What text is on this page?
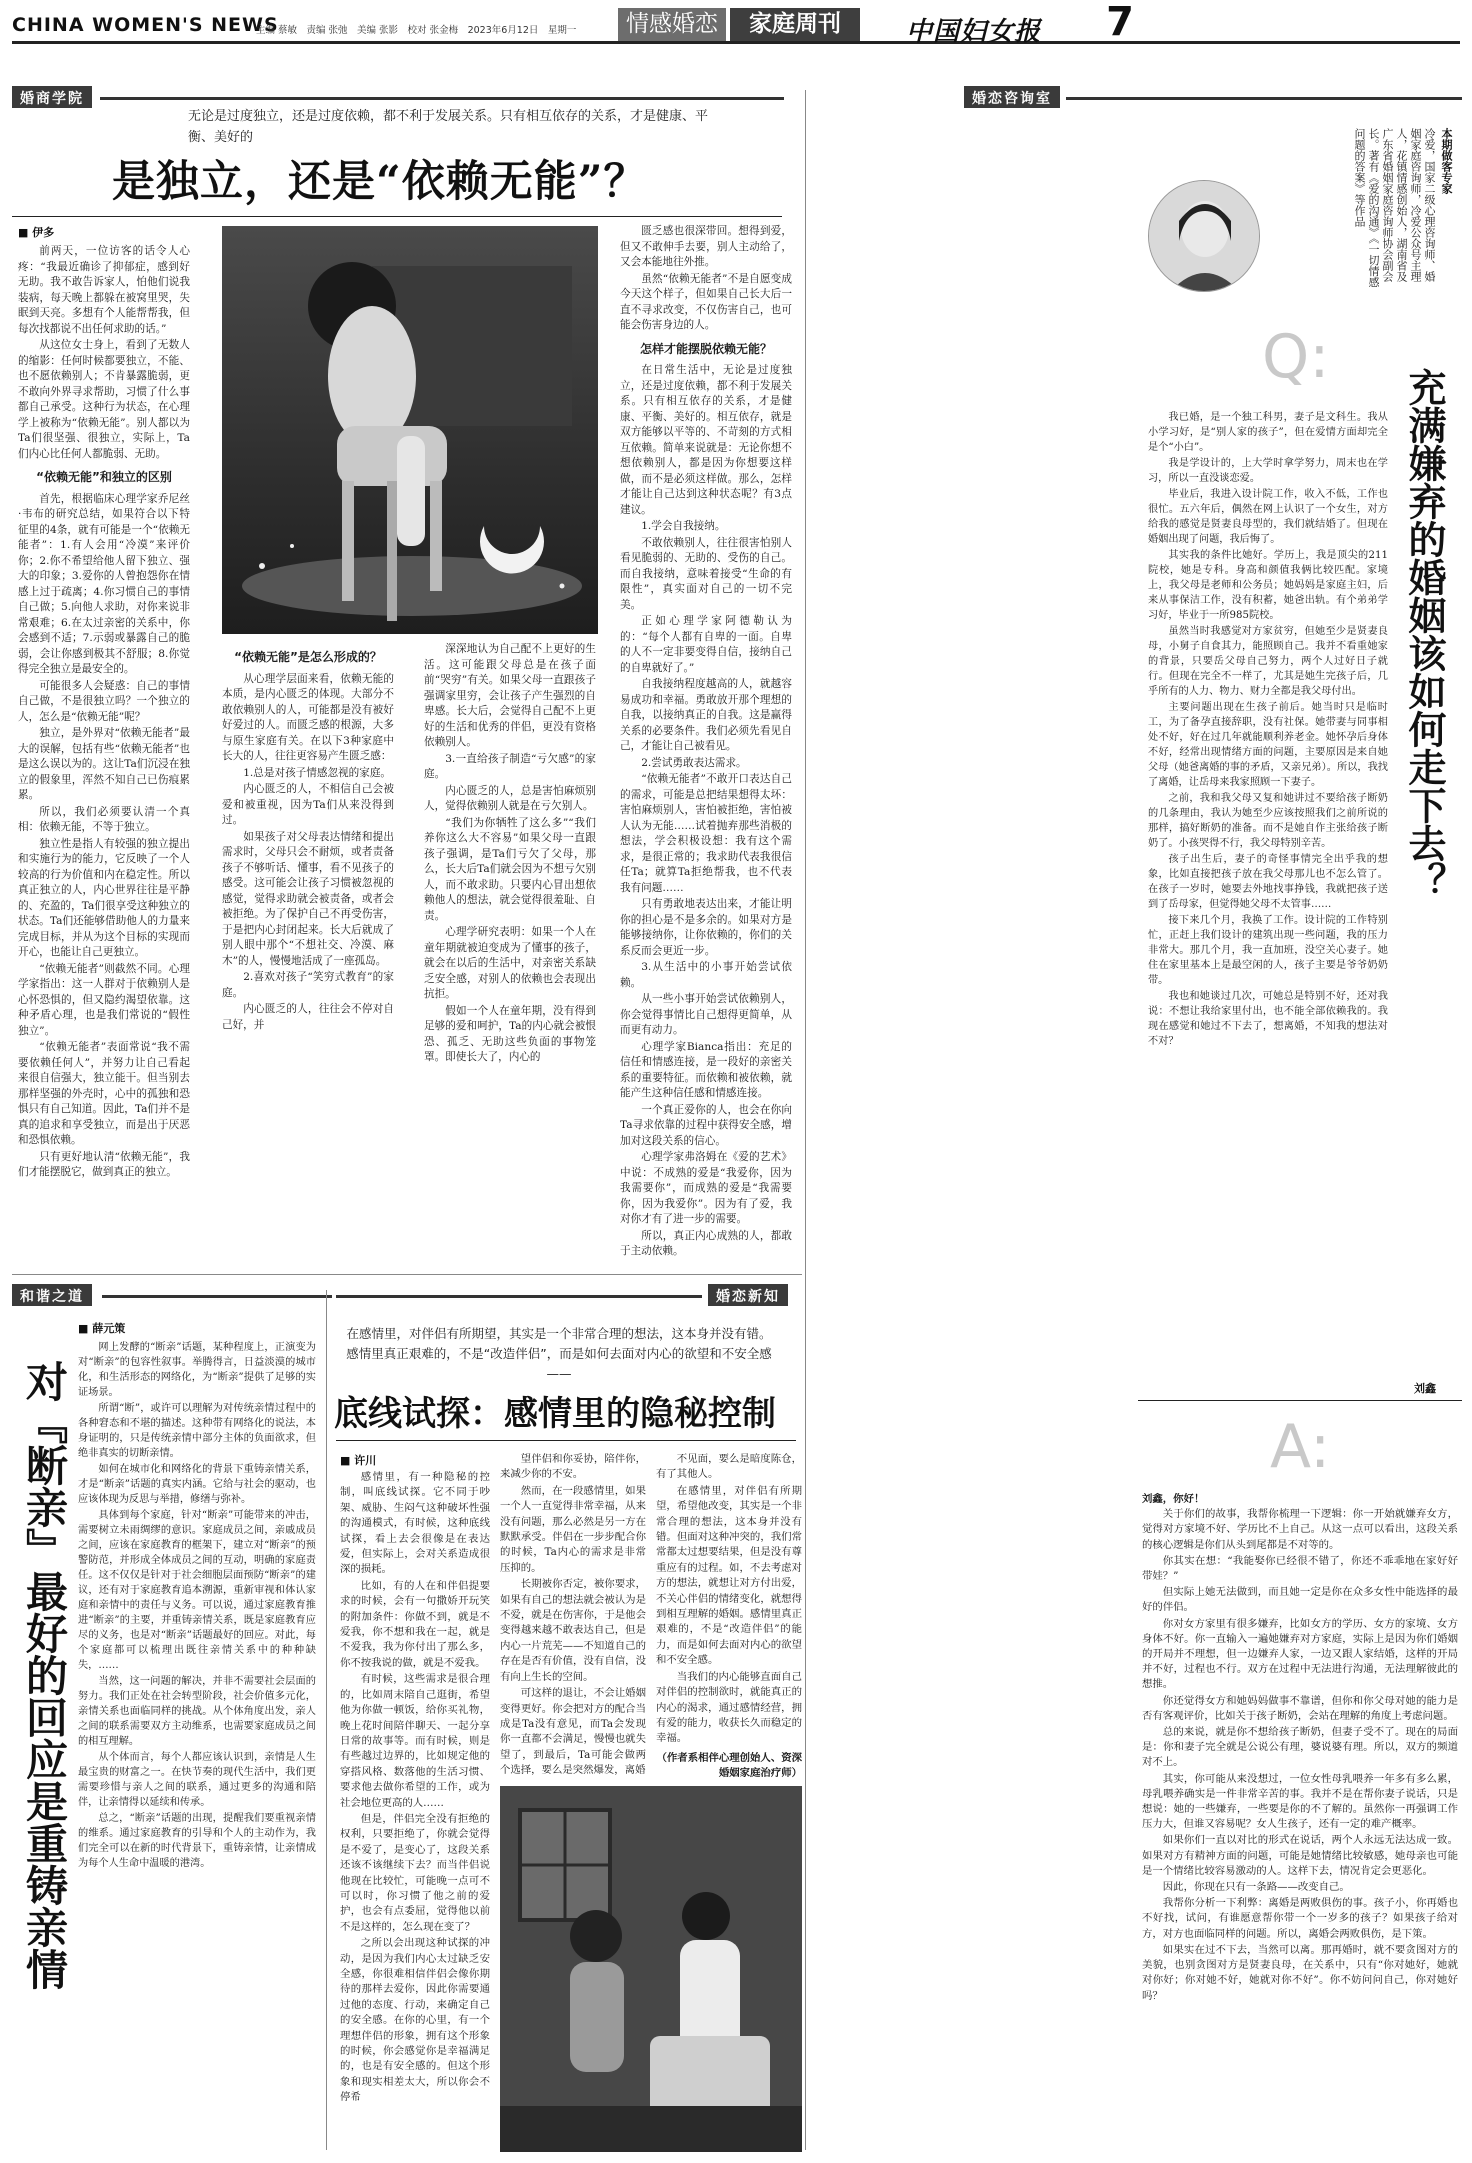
CHINA WOMEN'S NEWS
主编 蔡敏　责编 张弛　美编 张影　校对 张金梅　2023年6月12日　星期一	情感婚恋	家庭周刊	中国妇女报	7
婚商学院
无论是过度独立，还是过度依赖，都不利于发展关系。只有相互依存的关系，才是健康、平衡、美好的
是独立，还是“依赖无能”？
■ 伊多

前两天，一位访客的话令人心疼：“我最近确诊了抑郁症，感到好无助。我不敢告诉家人，怕他们说我装病，每天晚上都躲在被窝里哭，失眠到天亮。多想有个人能帮帮我，但每次找都说不出任何求助的话。”

从这位女士身上，看到了无数人的缩影：任何时候都要独立，不能、也不愿依赖别人；不肯暴露脆弱，更不敢向外界寻求帮助，习惯了什么事都自己承受。这种行为状态，在心理学上被称为“依赖无能”。别人都以为Ta们很坚强、很独立，实际上，Ta们内心比任何人都脆弱、无助。

“依赖无能”和独立的区别

首先，根据临床心理学家乔尼丝·韦布的研究总结，如果符合以下特征里的4条，就有可能是一个“依赖无能者”：1.有人会用“冷漠”来评价你；2.你不希望给他人留下独立、强大的印象；3.爱你的人曾抱怨你在情感上过于疏离；4.你习惯自己的事情自己做；5.向他人求助，对你来说非常艰难；6.在太过亲密的关系中，你会感到不适；7.示弱或暴露自己的脆弱，会让你感到极其不舒服；8.你觉得完全独立是最安全的。

可能很多人会疑惑：自己的事情自己做，不是很独立吗？一个独立的人，怎么是“依赖无能”呢？

独立，是外界对“依赖无能者”最大的误解，包括有些“依赖无能者”也是这么误以为的。这让Ta们沉浸在独立的假象里，浑然不知自己已伤痕累累。

所以，我们必须要认清一个真相：依赖无能，不等于独立。

独立性是指人有较强的独立提出和实施行为的能力，它反映了一个人较高的行为价值和内在稳定性。所以真正独立的人，内心世界往往是平静的、充盈的，Ta们很享受这种独立的状态。Ta们还能够借助他人的力量来完成目标，并从为这个目标的实现而开心，也能让自己更独立。

“依赖无能者”则截然不同。心理学家指出：这一人群对于依赖别人是心怀恐惧的，但又隐约渴望依靠。这种矛盾心理，也是我们常说的“假性独立”。

“依赖无能者”表面常说“我不需要依赖任何人”，并努力让自己看起来很自信强大，独立能干。但当别去那样坚强的外壳时，心中的孤独和恐惧只有自己知道。因此，Ta们并不是真的追求和享受独立，而是出于厌恶和恐惧依赖。

只有更好地认清“依赖无能”，我们才能摆脱它，做到真正的独立。

“依赖无能”是怎么形成的？

从心理学层面来看，依赖无能的本质，是内心匮乏的体现。大部分不敢依赖别人的人，可能都是没有被好好爱过的人。而匮乏感的根源，大多与原生家庭有关。在以下3种家庭中长大的人，往往更容易产生匮乏感：

1.总是对孩子情感忽视的家庭。

内心匮乏的人，不相信自己会被爱和被重视，因为Ta们从来没得到过。

如果孩子对父母表达情绪和提出需求时，父母只会不耐烦，或者责备孩子不够听话、懂事，看不见孩子的感受。这可能会让孩子习惯被忽视的感觉，觉得求助就会被责备，或者会被拒绝。为了保护自己不再受伤害，于是把内心封闭起来。长大后就成了别人眼中那个“不想社交、冷漠、麻木”的人，慢慢地活成了一座孤岛。

2.喜欢对孩子“笑穷式教育”的家庭。

内心匮乏的人，往往会不停对自己好，并

深深地认为自己配不上更好的生活。这可能跟父母总是在孩子面前“哭穷”有关。如果父母一直跟孩子强调家里穷，会让孩子产生强烈的自卑感。长大后，会觉得自己配不上更好的生活和优秀的伴侣，更没有资格依赖别人。

3.一直给孩子制造“亏欠感”的家庭。

内心匮乏的人，总是害怕麻烦别人，觉得依赖别人就是在亏欠别人。

“我们为你牺牲了这么多”“我们养你这么大不容易”如果父母一直跟孩子强调，是Ta们亏欠了父母，那么，长大后Ta们就会因为不想亏欠别人，而不敢求助。只要内心冒出想依赖他人的想法，就会觉得很羞耻、自责。

心理学研究表明：如果一个人在童年期就被迫变成为了懂事的孩子，就会在以后的生活中，对亲密关系缺乏安全感，对别人的依赖也会表现出抗拒。

假如一个人在童年期，没有得到足够的爱和呵护，Ta的内心就会被恨恐、孤乏、无助这些负面的事物笼罩。即使长大了，内心的

匮乏感也很深带回。想得到爱，但又不敢伸手去要，别人主动给了，又会本能地往外推。

虽然“依赖无能者”不是自愿变成今天这个样子，但如果自己长大后一直不寻求改变，不仅伤害自己，也可能会伤害身边的人。

怎样才能摆脱依赖无能？

在日常生活中，无论是过度独立，还是过度依赖，都不利于发展关系。只有相互依存的关系，才是健康、平衡、美好的。相互依存，就是双方能够以平等的、不苛刻的方式相互依赖。简单来说就是：无论你想不想依赖别人，都是因为你想要这样做，而不是必须这样做。那么，怎样才能让自己达到这种状态呢？有3点建议。

1.学会自我接纳。

不敢依赖别人，往往很害怕别人看见脆弱的、无助的、受伤的自己。而自我接纳，意味着接受“生命的有限性”，真实面对自己的一切不完美。

正如心理学家阿德勒认为的：“每个人都有自卑的一面。自卑的人不一定非要变得自信，接纳自己的自卑就好了。”

自我接纳程度越高的人，就越容易成功和幸福。勇敢放开那个理想的自我，以接纳真正的自我。这是赢得关系的必要条件。我们必须先看见自己，才能让自己被看见。

2.尝试勇敢表达需求。

“依赖无能者”不敢开口表达自己的需求，可能是总把结果想得太坏：害怕麻烦别人，害怕被拒绝，害怕被人认为无能……试着抛弃那些消极的想法，学会积极设想：我有这个需求，是很正常的；我求助代表我很信任Ta；就算Ta拒绝帮我，也不代表我有问题……

只有勇敢地表达出来，才能让明你的担心是不是多余的。如果对方是能够接纳你，让你依赖的，你们的关系反而会更近一步。

3.从生活中的小事开始尝试依赖。

从一些小事开始尝试依赖别人，你会觉得事情比自己想得更简单，从而更有动力。

心理学家Bianca指出：充足的信任和情感连接，是一段好的亲密关系的重要特征。而依赖和被依赖，就能产生这种信任感和情感连接。

一个真正爱你的人，也会在你向Ta寻求依靠的过程中获得安全感，增加对这段关系的信心。

心理学家弗洛姆在《爱的艺术》中说：不成熟的爱是“我爱你，因为我需要你”，而成熟的爱是“我需要你，因为我爱你”。因为有了爱，我对你才有了进一步的需要。

所以，真正内心成熟的人，都敢于主动依赖。

婚恋咨询室
本期做客专家
冷爱，国家二级心理咨询师、婚姻家庭咨询师，冷爱公众号主理人，花镇情感创始人，湖南省及广东省婚姻家庭咨询师协会副会长。著有《爱的沟通》《一切情感问题的答案》等作品
Q:
充满嫌弃的婚姻该如何走下去？

我已婚，是一个独工科男，妻子是文科生。我从小学习好，是“别人家的孩子”，但在爱情方面却完全是个“小白”。

我是学设计的，上大学时拿学努力，周末也在学习，所以一直没谈恋爱。

毕业后，我进入设计院工作，收入不低，工作也很忙。五六年后，偶然在网上认识了一个女生，对方给我的感觉是贤妻良母型的，我们就结婚了。但现在婚姻出现了问题，我后悔了。

其实我的条件比她好。学历上，我是顶尖的211院校，她是专科。身高和颜值我俩比较匹配。家境上，我父母是老师和公务员；她妈妈是家庭主妇，后来从事保洁工作，没有积蓄，她爸出轨。有个弟弟学习好，毕业于一所985院校。

虽然当时我感觉对方家贫穷，但她至少是贤妻良母，小舅子自食其力，能照顾自己。我并不看重她家的背景，只要岳父母自己努力，两个人过好日子就行。但现在完全不一样了，尤其是她生完孩子后，几乎所有的人力、物力、财力全都是我父母付出。

主要问题出现在生孩子前后。她当时只是临时工，为了备孕直接辞职，没有社保。她带妻与同事相处不好，好在过几年就能顺利养老金。她怀孕后身体不好，经常出现情绪方面的问题，主要原因是来自她父母（她爸离婚的事的矛盾，又亲兄弟）。所以，我找了离婚，让岳母来我家照顾一下妻子。

之前，我和我父母又复和她讲过不要给孩子断奶的几条理由，我认为她至少应该按照我们之前所说的那样，搞好断奶的准备。而不是她自作主张给孩子断奶了。小孩哭得不行，我父母特别辛苦。

孩子出生后，妻子的奇怪事情完全出乎我的想象，比如直接把孩子放在我父母那儿也不怎么管了。在孩子一岁时，她要去外地找事挣钱，我就把孩子送到了岳母家，但觉得她父母不太管事……

接下来几个月，我换了工作。设计院的工作特别忙，正赶上我们设计的建筑出现一些问题，我的压力非常大。那几个月，我一直加班，没空关心妻子。她住在家里基本上是最空闲的人，孩子主要是爷爷奶奶带。

我也和她谈过几次，可她总是特别不好，还对我说：不想让我给家里付出，也不能全部依赖我的。我现在感觉和她过不下去了，想离婚，不知我的想法对不对？

刘鑫
A:
刘鑫，你好！

关于你们的故事，我帮你梳理一下逻辑：你一开始就嫌弃女方，觉得对方家境不好、学历比不上自己。从这一点可以看出，这段关系的核心逻辑是你们从头到尾都是不对等的。

你其实在想：“我能娶你已经很不错了，你还不乖乖地在家好好带娃？”

但实际上她无法做到，而且她一定是你在众多女性中能选择的最好的伴侣。

你对女方家里有很多嫌弃，比如女方的学历、女方的家境、女方身体不好。你一直输入一遍她嫌弃对方家庭，实际上是因为你们婚姻的开局并不理想，但一边嫌弃人家，一边又跟人家结婚，这样的开局并不好，过程也不行。双方在过程中无法进行沟通，无法理解彼此的想推。

你还觉得女方和她妈妈做事不靠谱，但你和你父母对她的能力是否有客观评价，比如关于孩子断奶，会站在理解的角度上考虑问题。

总的来说，就是你不想给孩子断奶，但妻子受不了。现在的局面是：你和妻子完全就是公说公有理，婆说婆有理。所以，双方的频道对不上。

其实，你可能从来没想过，一位女性母乳喂养一年多有多么累，母乳喂养确实是一件非常辛苦的事。我并不是在帮你妻子说话，只是想说：她的一些嫌弃，一些要是你的不了解的。虽然你一再强调工作压力大，但谁又容易呢？女人生孩子，还有一定的难产概率。

如果你们一直以对比的形式在说话，两个人永远无法达成一致。如果对方有精神方面的问题，可能是她情绪比较敏感，她母亲也可能是一个情绪比较容易激动的人。这样下去，情况肯定会更恶化。

因此，你现在只有一条路——改变自己。

我帮你分析一下利弊：离婚是两败俱伤的事。孩子小，你再婚也不好找，试问，有谁愿意帮你带一个一岁多的孩子？如果孩子给对方，对方也面临同样的问题。所以，离婚会两败俱伤，是下策。

如果实在过不下去，当然可以离。那再婚时，就不要贪图对方的美貌，也别贪图对方是贤妻良母，在关系中，只有“你对她好，她就对你好；你对她不好，她就对你不好”。你不妨问问自己，你对她好吗？

和谐之道
对『断亲』最好的回应是重铸亲情
■ 薛元策

网上发酵的“断亲”话题，某种程度上，正演变为对“断亲”的包容性叙事。举腾得言，日益淡漠的城市化，和生活形态的网络化，为“断亲”提供了足够的实证场景。

所谓“断”，或许可以理解为对传统亲情过程中的各种窘态和不堪的描述。这种带有网络化的说法，本身证明的，只是传统亲情中部分主体的负面欲求，但绝非真实的切断亲情。

如何在城市化和网络化的背景下重铸亲情关系，才是“断亲”话题的真实内涵。它给与社会的驱动，也应该体现为反思与举措，修缮与弥补。

具体到每个家庭，针对“断亲”可能带来的冲击，需要树立未雨绸缪的意识。家庭成员之间，亲戚成员之间，应该在家庭教育的框架下，建立对“断亲”的预警防范，并形成全体成员之间的互动，明确的家庭责任。这不仅仅是针对于社会细胞层面预防“断亲”的建议，还有对于家庭教育追本溯源，重新审视和体认家庭和亲情中的责任与义务。可以说，通过家庭教育推进“断亲”的主要，并重铸亲情关系，既是家庭教育应尽的义务，也是对“断亲”话题最好的回应。对此，每个家庭都可以梳理出既往亲情关系中的种种缺失，……

当然，这一问题的解决，并非不需要社会层面的努力。我们正处在社会转型阶段，社会价值多元化，亲情关系也面临同样的挑战。从个体角度出发，亲人之间的联系需要双方主动维系，也需要家庭成员之间的相互理解。

从个体而言，每个人都应该认识到，亲情是人生最宝贵的财富之一。在快节奏的现代生活中，我们更需要珍惜与亲人之间的联系，通过更多的沟通和陪伴，让亲情得以延续和传承。

总之，“断亲”话题的出现，提醒我们要重视亲情的维系。通过家庭教育的引导和个人的主动作为，我们完全可以在新的时代背景下，重铸亲情，让亲情成为每个人生命中温暖的港湾。

婚恋新知
在感情里，对伴侣有所期望，其实是一个非常合理的想法，这本身并没有错。感情里真正艰难的，不是“改造伴侣”，而是如何去面对内心的欲望和不安全感——
底线试探：感情里的隐秘控制
■ 许川

感情里，有一种隐秘的控制，叫底线试探。它不同于吵架、威胁、生闷气这种破坏性强的沟通模式，有时候，这种底线试探，看上去会很像是在表达爱，但实际上，会对关系造成很深的损耗。

比如，有的人在和伴侣提要求的时候，会有一句撒娇开玩笑的附加条件：你做不到，就是不爱我，你不想和我在一起，就是不爱我，我为你付出了那么多，你不按我说的做，就是不爱我。

有时候，这些需求是很合理的，比如周末陪自己逛街，希望他为你做一顿饭，给你买礼物，晚上花时间陪伴聊天、一起分享日常的故事等。而有时候，则是有些越过边界的，比如规定他的穿搭风格、数落他的生活习惯、要求他去做你希望的工作，或为社会地位更高的人……

但是，伴侣完全没有拒绝的权利，只要拒绝了，你就会觉得是不爱了，是变心了，这段关系还该不该继续下去？而当伴侣说他现在比较忙，可能晚一点可不可以时，你习惯了他之前的爱护，也会有点委屈，觉得他以前不是这样的，怎么现在变了？

之所以会出现这种试探的冲动，是因为我们内心太过缺乏安全感，你很难相信伴侣会像你期待的那样去爱你，因此你需要通过他的态度、行动，来确定自己的安全感。在你的心里，有一个理想伴侣的形象，拥有这个形象的时候，你会感觉你是幸福满足的，也是有安全感的。但这个形象和现实相差太大，所以你会不停希

望伴侣和你妥协，陪伴你，来减少你的不安。

然而，在一段感情里，如果一个人一直觉得非常幸福，从来没有问题，那么必然是另一方在默默承受。伴侣在一步步配合你的时候，Ta内心的需求是非常压抑的。

长期被你否定，被你要求，如果有自己的想法就会被认为是不爱，就是在伤害你，于是他会变得越来越不敢表达自己，但是内心一片荒芜——不知道自己的存在是否有价值，没有自信，没有向上生长的空间。

可这样的退让，不会让婚姻变得更好。你会把对方的配合当成是Ta没有意见，而Ta会发现你一直都不会满足，慢慢也就失望了，到最后，Ta可能会做两个选择，要么是突然爆发，离婚

不见面，要么是暗度陈仓，有了其他人。

在感情里，对伴侣有所期望，希望他改变，其实是一个非常合理的想法，这本身并没有错。但面对这种冲突的，我们常常都太过想要结果，但是没有尊重应有的过程。如，不去考虑对方的想法，就想让对方付出爱，不关心伴侣的情绪变化，就想得到相互理解的婚姻。感情里真正艰难的，不是“改造伴侣”的能力，而是如何去面对内心的欲望和不安全感。

当我们的内心能够直面自己对伴侣的控制欲时，就能真正的内心的渴求，通过感情经营，拥有爱的能力，收获长久而稳定的幸福。

（作者系相伴心理创始人、资深婚姻家庭治疗师）
